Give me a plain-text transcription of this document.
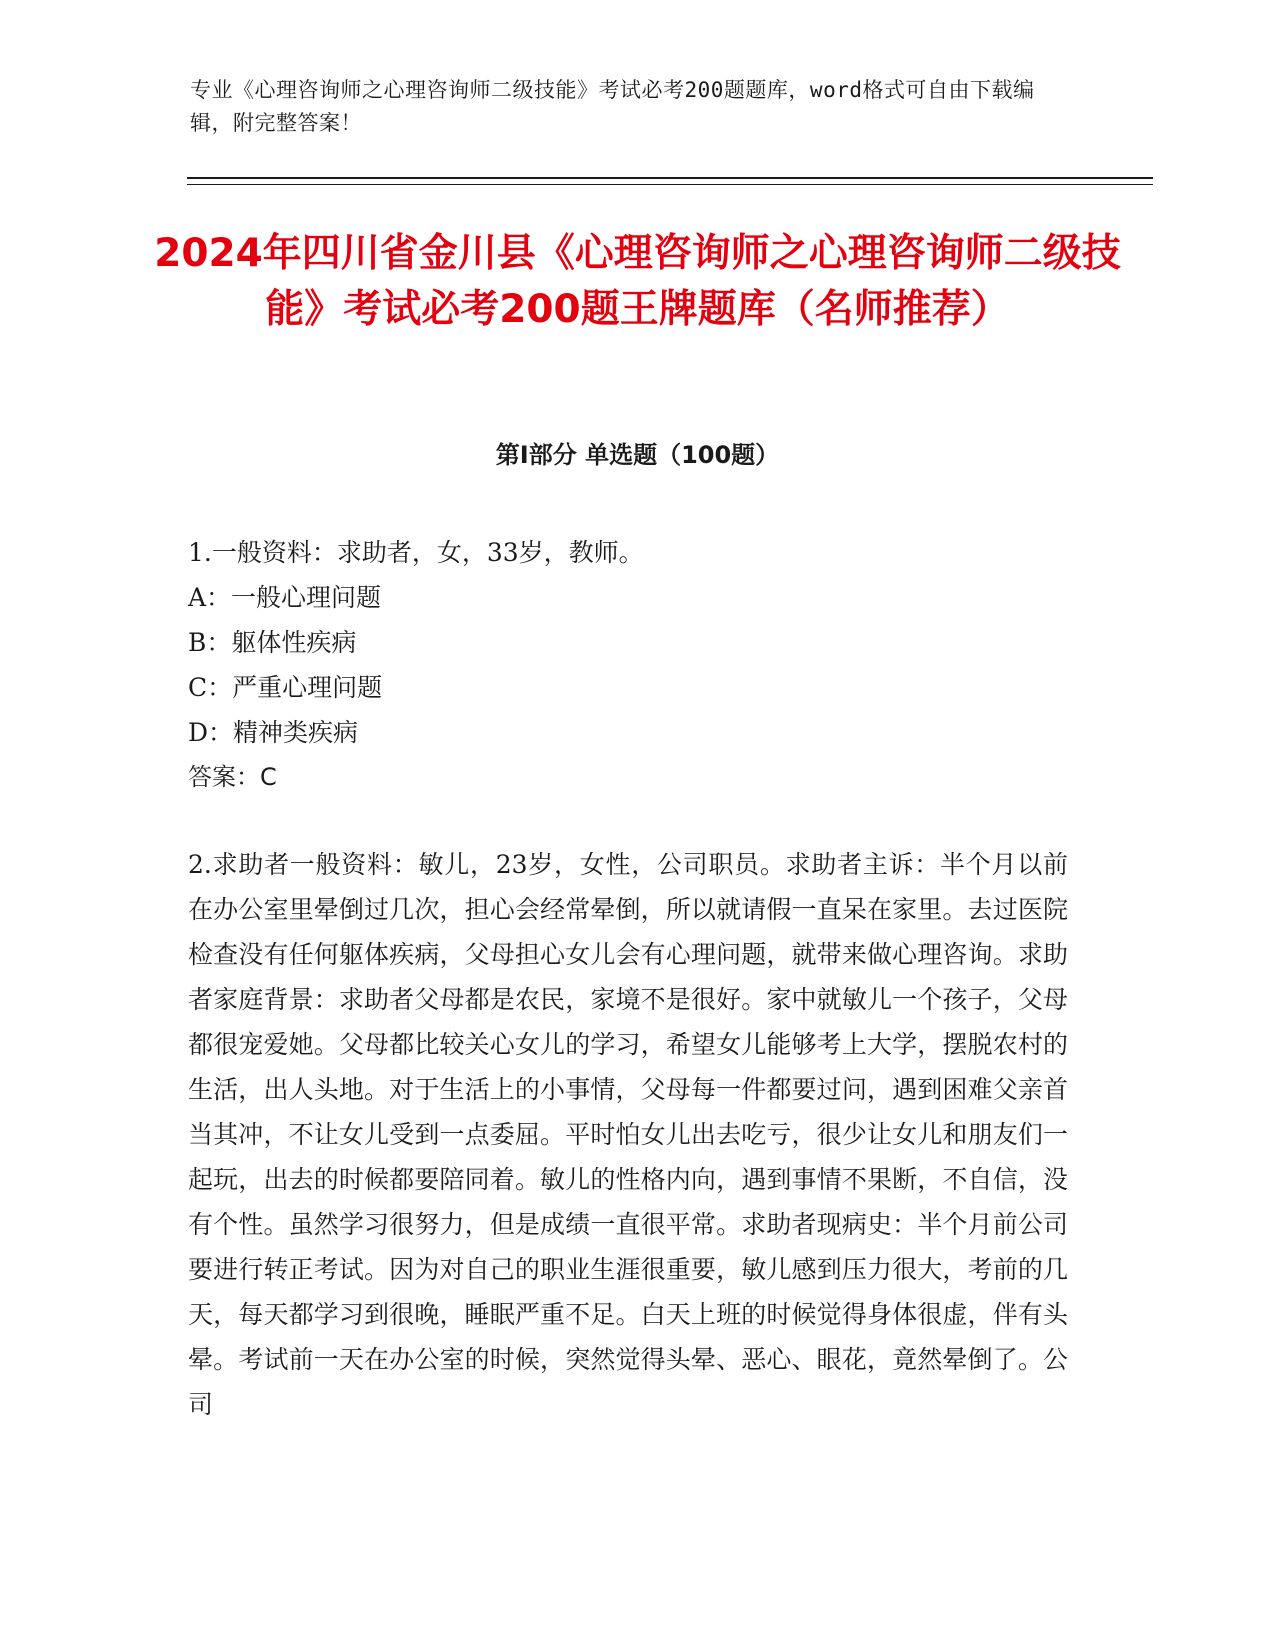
专业《心理咨询师之心理咨询师二级技能》考试必考200题题库，word格式可自由下载编辑，附完整答案！
2024年四川省金川县《心理咨询师之心理咨询师二级技能》考试必考200题王牌题库（名师推荐）
第Ⅰ部分 单选题（100题）
1.一般资料：求助者，女，33岁，教师。
A：一般心理问题
B：躯体性疾病
C：严重心理问题
D：精神类疾病
答案：C
2.求助者一般资料：敏儿，23岁，女性，公司职员。求助者主诉：半个月以前在办公室里晕倒过几次，担心会经常晕倒，所以就请假一直呆在家里。去过医院检查没有任何躯体疾病，父母担心女儿会有心理问题，就带来做心理咨询。求助者家庭背景：求助者父母都是农民，家境不是很好。家中就敏儿一个孩子，父母都很宠爱她。父母都比较关心女儿的学习，希望女儿能够考上大学，摆脱农村的生活，出人头地。对于生活上的小事情，父母每一件都要过问，遇到困难父亲首当其冲，不让女儿受到一点委屈。平时怕女儿出去吃亏，很少让女儿和朋友们一起玩，出去的时候都要陪同着。敏儿的性格内向，遇到事情不果断，不自信，没有个性。虽然学习很努力，但是成绩一直很平常。求助者现病史：半个月前公司要进行转正考试。因为对自己的职业生涯很重要，敏儿感到压力很大，考前的几天，每天都学习到很晚，睡眠严重不足。白天上班的时候觉得身体很虚，伴有头晕。考试前一天在办公室的时候，突然觉得头晕、恶心、眼花，竟然晕倒了。公司
